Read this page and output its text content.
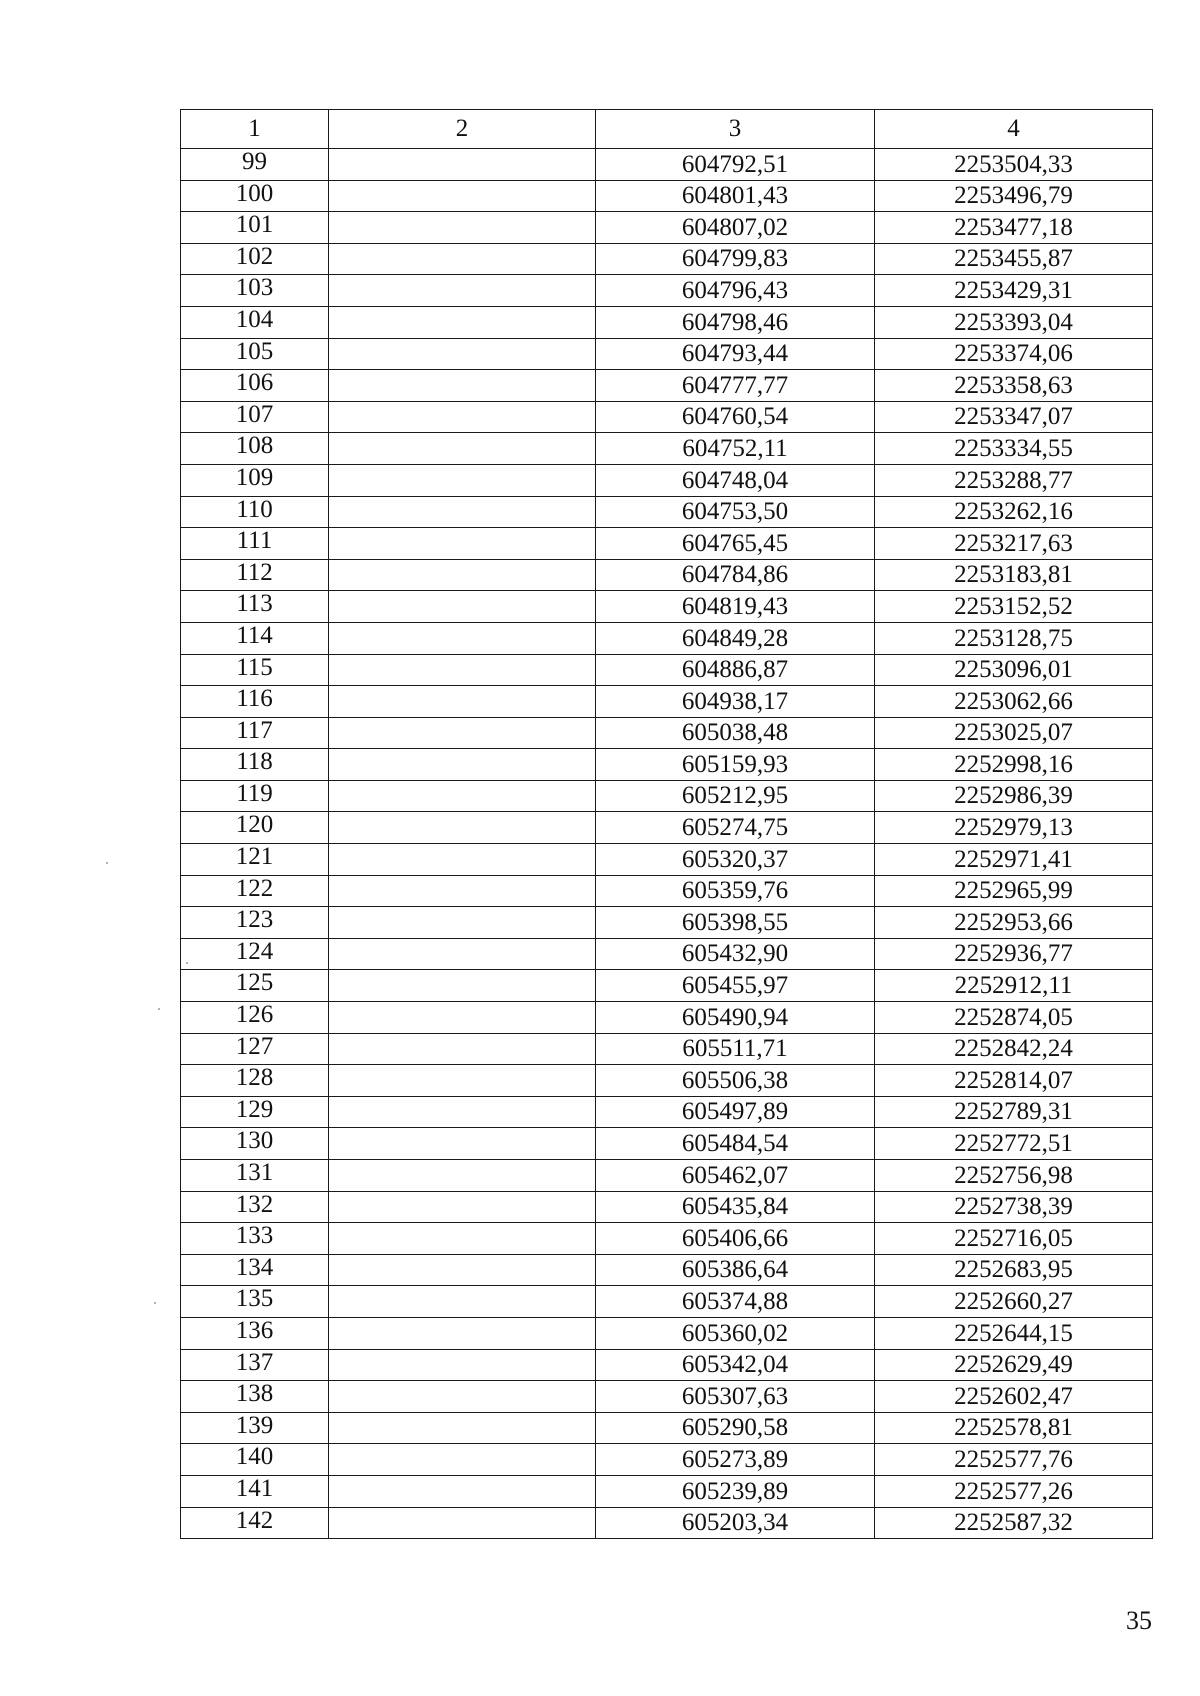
1	2	3	4
99		604792,51	2253504,33
100		604801,43	2253496,79
101		604807,02	2253477,18
102		604799,83	2253455,87
103		604796,43	2253429,31
104		604798,46	2253393,04
105		604793,44	2253374,06
106		604777,77	2253358,63
107		604760,54	2253347,07
108		604752,11	2253334,55
109		604748,04	2253288,77
110		604753,50	2253262,16
111		604765,45	2253217,63
112		604784,86	2253183,81
113		604819,43	2253152,52
114		604849,28	2253128,75
115		604886,87	2253096,01
116		604938,17	2253062,66
117		605038,48	2253025,07
118		605159,93	2252998,16
119		605212,95	2252986,39
120		605274,75	2252979,13
121		605320,37	2252971,41
122		605359,76	2252965,99
123		605398,55	2252953,66
124		605432,90	2252936,77
125		605455,97	2252912,11
126		605490,94	2252874,05
127		605511,71	2252842,24
128		605506,38	2252814,07
129		605497,89	2252789,31
130		605484,54	2252772,51
131		605462,07	2252756,98
132		605435,84	2252738,39
133		605406,66	2252716,05
134		605386,64	2252683,95
135		605374,88	2252660,27
136		605360,02	2252644,15
137		605342,04	2252629,49
138		605307,63	2252602,47
139		605290,58	2252578,81
140		605273,89	2252577,76
141		605239,89	2252577,26
142		605203,34	2252587,32
35
